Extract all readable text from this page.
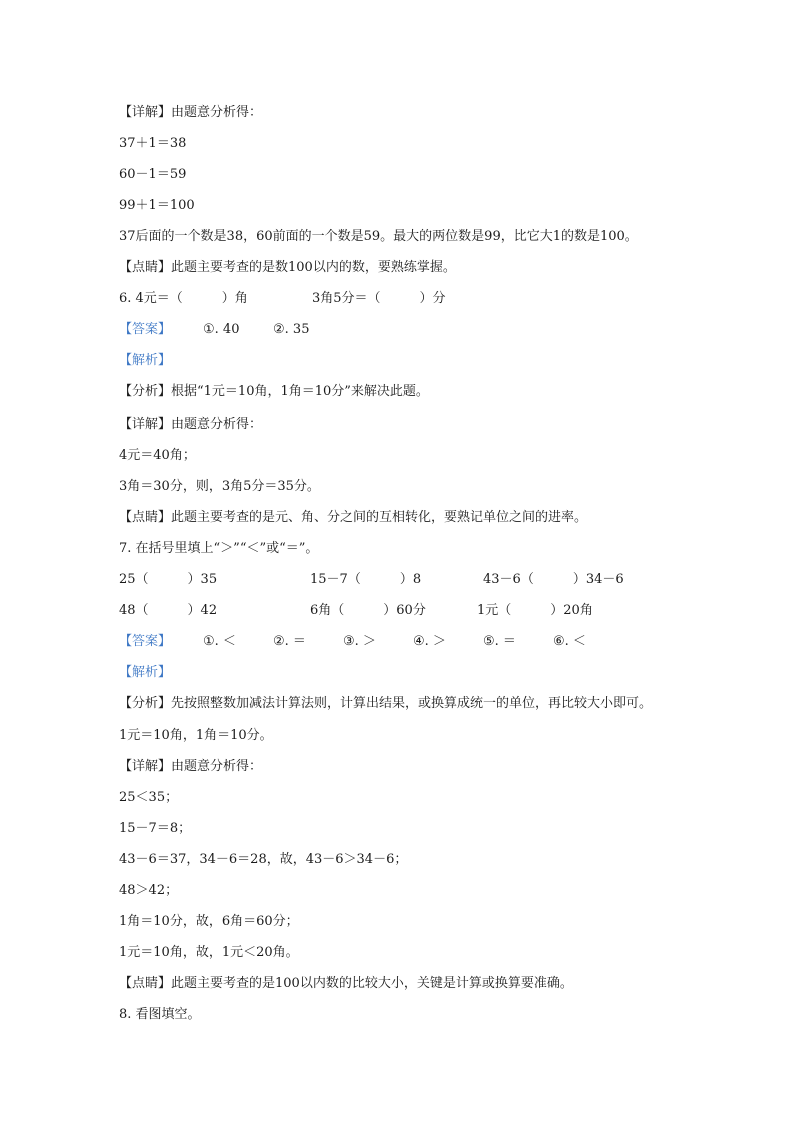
【详解】由题意分析得：
37＋1＝38
60－1＝59
99＋1＝100
37后面的一个数是38，60前面的一个数是59。最大的两位数是99，比它大1的数是100。
【点睛】此题主要考查的是数100以内的数，要熟练掌握。
6. 4元＝（　　　）角	3角5分＝（　　　）分
【答案】 ①. 40	②. 35
【解析】
【分析】根据“1元＝10角，1角＝10分”来解决此题。
【详解】由题意分析得：
4元＝40角；
3角＝30分，则，3角5分＝35分。
【点睛】此题主要考查的是元、角、分之间的互相转化，要熟记单位之间的进率。
7. 在括号里填上“＞”“＜”或“＝”。
25（　　　）35	15－7（　　　）8	43－6（　　　）34－6
48（　　　）42	6角（　　　）60分	1元（　　　）20角
【答案】 ①. ＜	②. ＝	③. ＞	④. ＞	⑤. ＝	⑥. ＜
【解析】
【分析】先按照整数加减法计算法则，计算出结果，或换算成统一的单位，再比较大小即可。
1元＝10角，1角＝10分。
【详解】由题意分析得：
25＜35；
15－7＝8；
43－6＝37，34－6＝28，故，43－6＞34－6；
48＞42；
1角＝10分，故，6角＝60分；
1元＝10角，故，1元＜20角。
【点睛】此题主要考查的是100以内数的比较大小，关键是计算或换算要准确。
8. 看图填空。
